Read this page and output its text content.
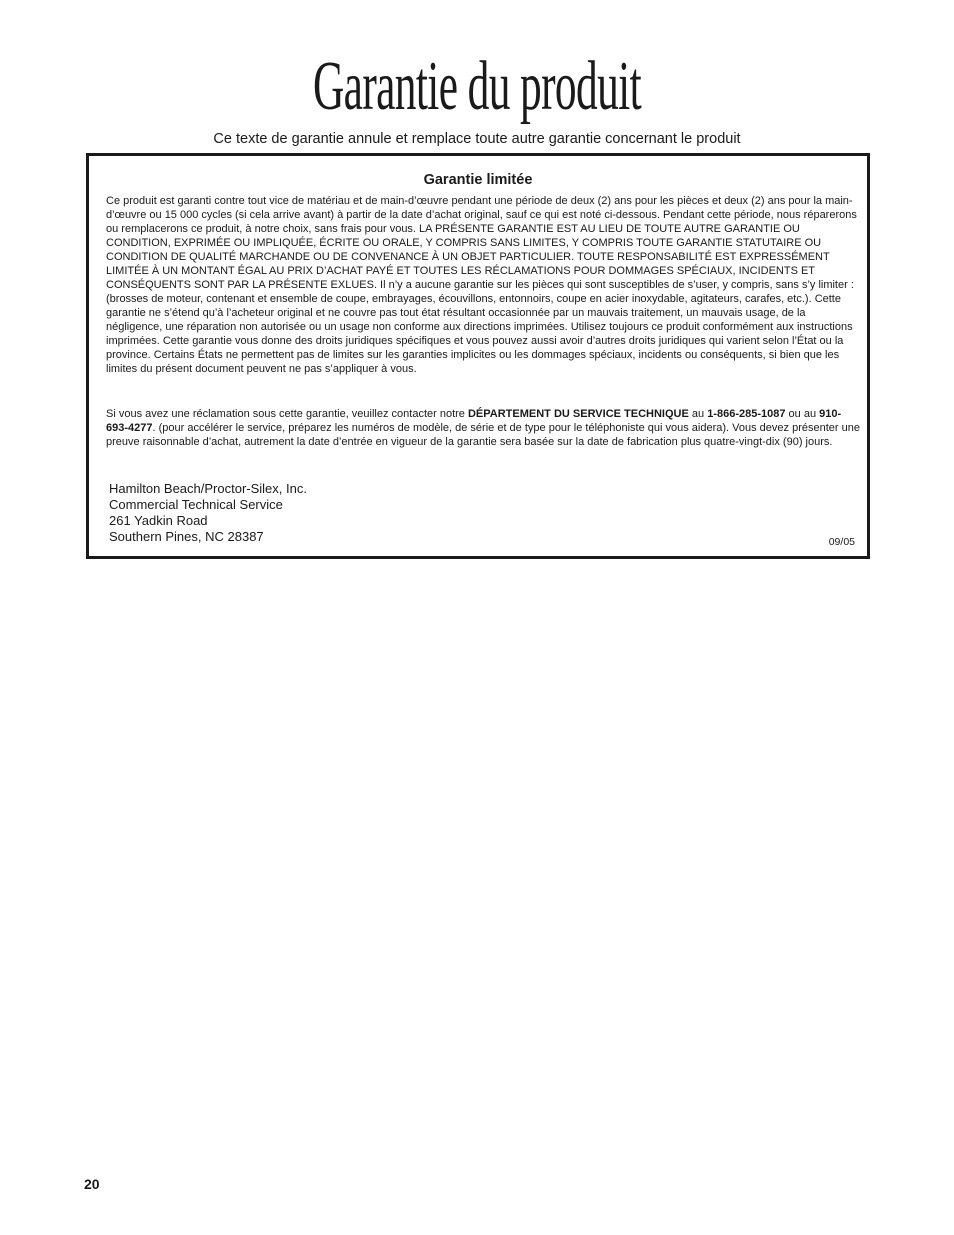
Garantie du produit
Ce texte de garantie annule et remplace toute autre garantie concernant le produit
Garantie limitée
Ce produit est garanti contre tout vice de matériau et de main-d’œuvre pendant une période de deux (2) ans pour les pièces et deux (2) ans pour la main-d’œuvre ou 15 000 cycles (si cela arrive avant) à partir de la date d’achat original, sauf ce qui est noté ci-dessous. Pendant cette période, nous réparerons ou remplacerons ce produit, à notre choix, sans frais pour vous. LA PRÉSENTE GARANTIE EST AU LIEU DE TOUTE AUTRE GARANTIE OU CONDITION, EXPRIMÉE OU IMPLIQUÉE, ÉCRITE OU ORALE, Y COMPRIS SANS LIMITES, Y COMPRIS TOUTE GARANTIE STATUTAIRE OU CONDITION DE QUALITÉ MARCHANDE OU DE CONVENANCE À UN OBJET PARTICULIER. TOUTE RESPONSABILITÉ EST EXPRESSÉMENT LIMITÉE À UN MONTANT ÉGAL AU PRIX D’ACHAT PAYÉ ET TOUTES LES RÉCLAMATIONS POUR DOMMAGES SPÉCIAUX, INCIDENTS ET CONSÉQUENTS SONT PAR LA PRÉSENTE EXLUES. Il n’y a aucune garantie sur les pièces qui sont susceptibles de s’user, y compris, sans s’y limiter : (brosses de moteur, contenant et ensemble de coupe, embrayages, écouvillons, entonnoirs, coupe en acier inoxydable, agitateurs, carafes, etc.). Cette garantie ne s’étend qu’à l’acheteur original et ne couvre pas tout état résultant occasionnée par un mauvais traitement, un mauvais usage, de la négligence, une réparation non autorisée ou un usage non conforme aux directions imprimées. Utilisez toujours ce produit conformément aux instructions imprimées. Cette garantie vous donne des droits juridiques spécifiques et vous pouvez aussi avoir d’autres droits juridiques qui varient selon l’État ou la province. Certains États ne permettent pas de limites sur les garanties implicites ou les dommages spéciaux, incidents ou conséquents, si bien que les limites du présent document peuvent ne pas s’appliquer à vous.
Si vous avez une réclamation sous cette garantie, veuillez contacter notre DÉPARTEMENT DU SERVICE TECHNIQUE au 1-866-285-1087 ou au 910-693-4277. (pour accélérer le service, préparez les numéros de modèle, de série et de type pour le téléphoniste qui vous aidera). Vous devez présenter une preuve raisonnable d’achat, autrement la date d’entrée en vigueur de la garantie sera basée sur la date de fabrication plus quatre-vingt-dix (90) jours.
Hamilton Beach/Proctor-Silex, Inc.
Commercial Technical Service
261 Yadkin Road
Southern Pines, NC 28387	09/05
20
